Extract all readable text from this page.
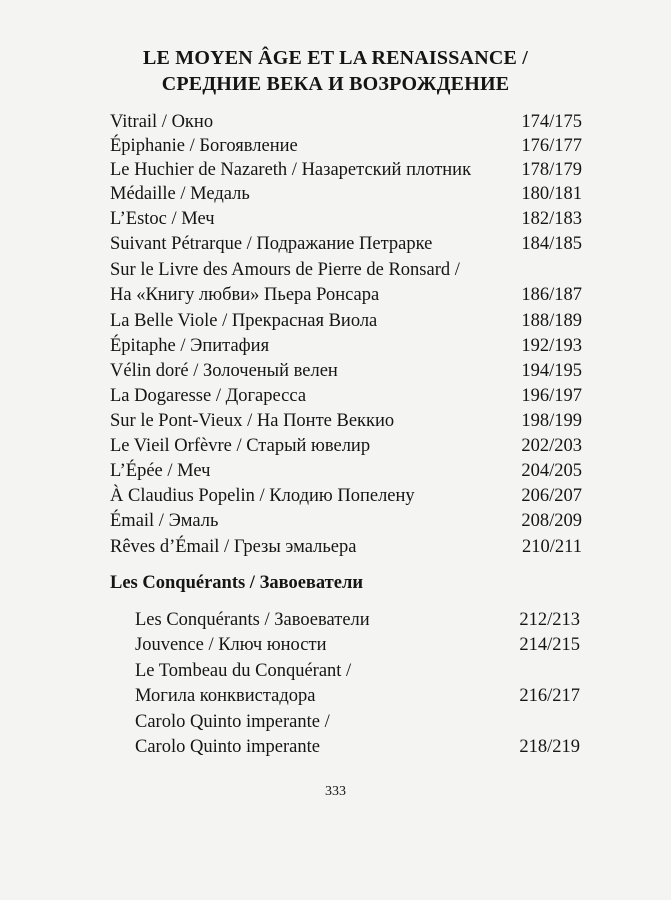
LE MOYEN ÂGE ET LA RENAISSANCE /
СРЕДНИЕ ВЕКА И ВОЗРОЖДЕНИЕ
Vitrail / Окно	174/175
Épiphanie / Богоявление	176/177
Le Huchier de Nazareth / Назаретский плотник	178/179
Médaille / Медаль	180/181
L’Estoc / Меч	182/183
Suivant Pétrarque / Подражание Петрарке	184/185
Sur le Livre des Amours de Pierre de Ronsard /
На «Книгу любви» Пьера Ронсара	186/187
La Belle Viole / Прекрасная Виола	188/189
Épitaphe / Эпитафия	192/193
Vélin doré / Золоченый велен	194/195
La Dogaresse / Догаресса	196/197
Sur le Pont-Vieux / На Понте Веккио	198/199
Le Vieil Orfèvre / Старый ювелир	202/203
L’Épée / Меч	204/205
À Claudius Popelin / Клодию Попелену	206/207
Émail / Эмаль	208/209
Rêves d’Émail / Грезы эмальера	210/211
Les Conquérants / Завоеватели
Les Conquérants / Завоеватели	212/213
Jouvence / Ключ юности	214/215
Le Tombeau du Conquérant /
Могила конквистадора	216/217
Carolo Quinto imperante /
Carolo Quinto imperante	218/219
333
